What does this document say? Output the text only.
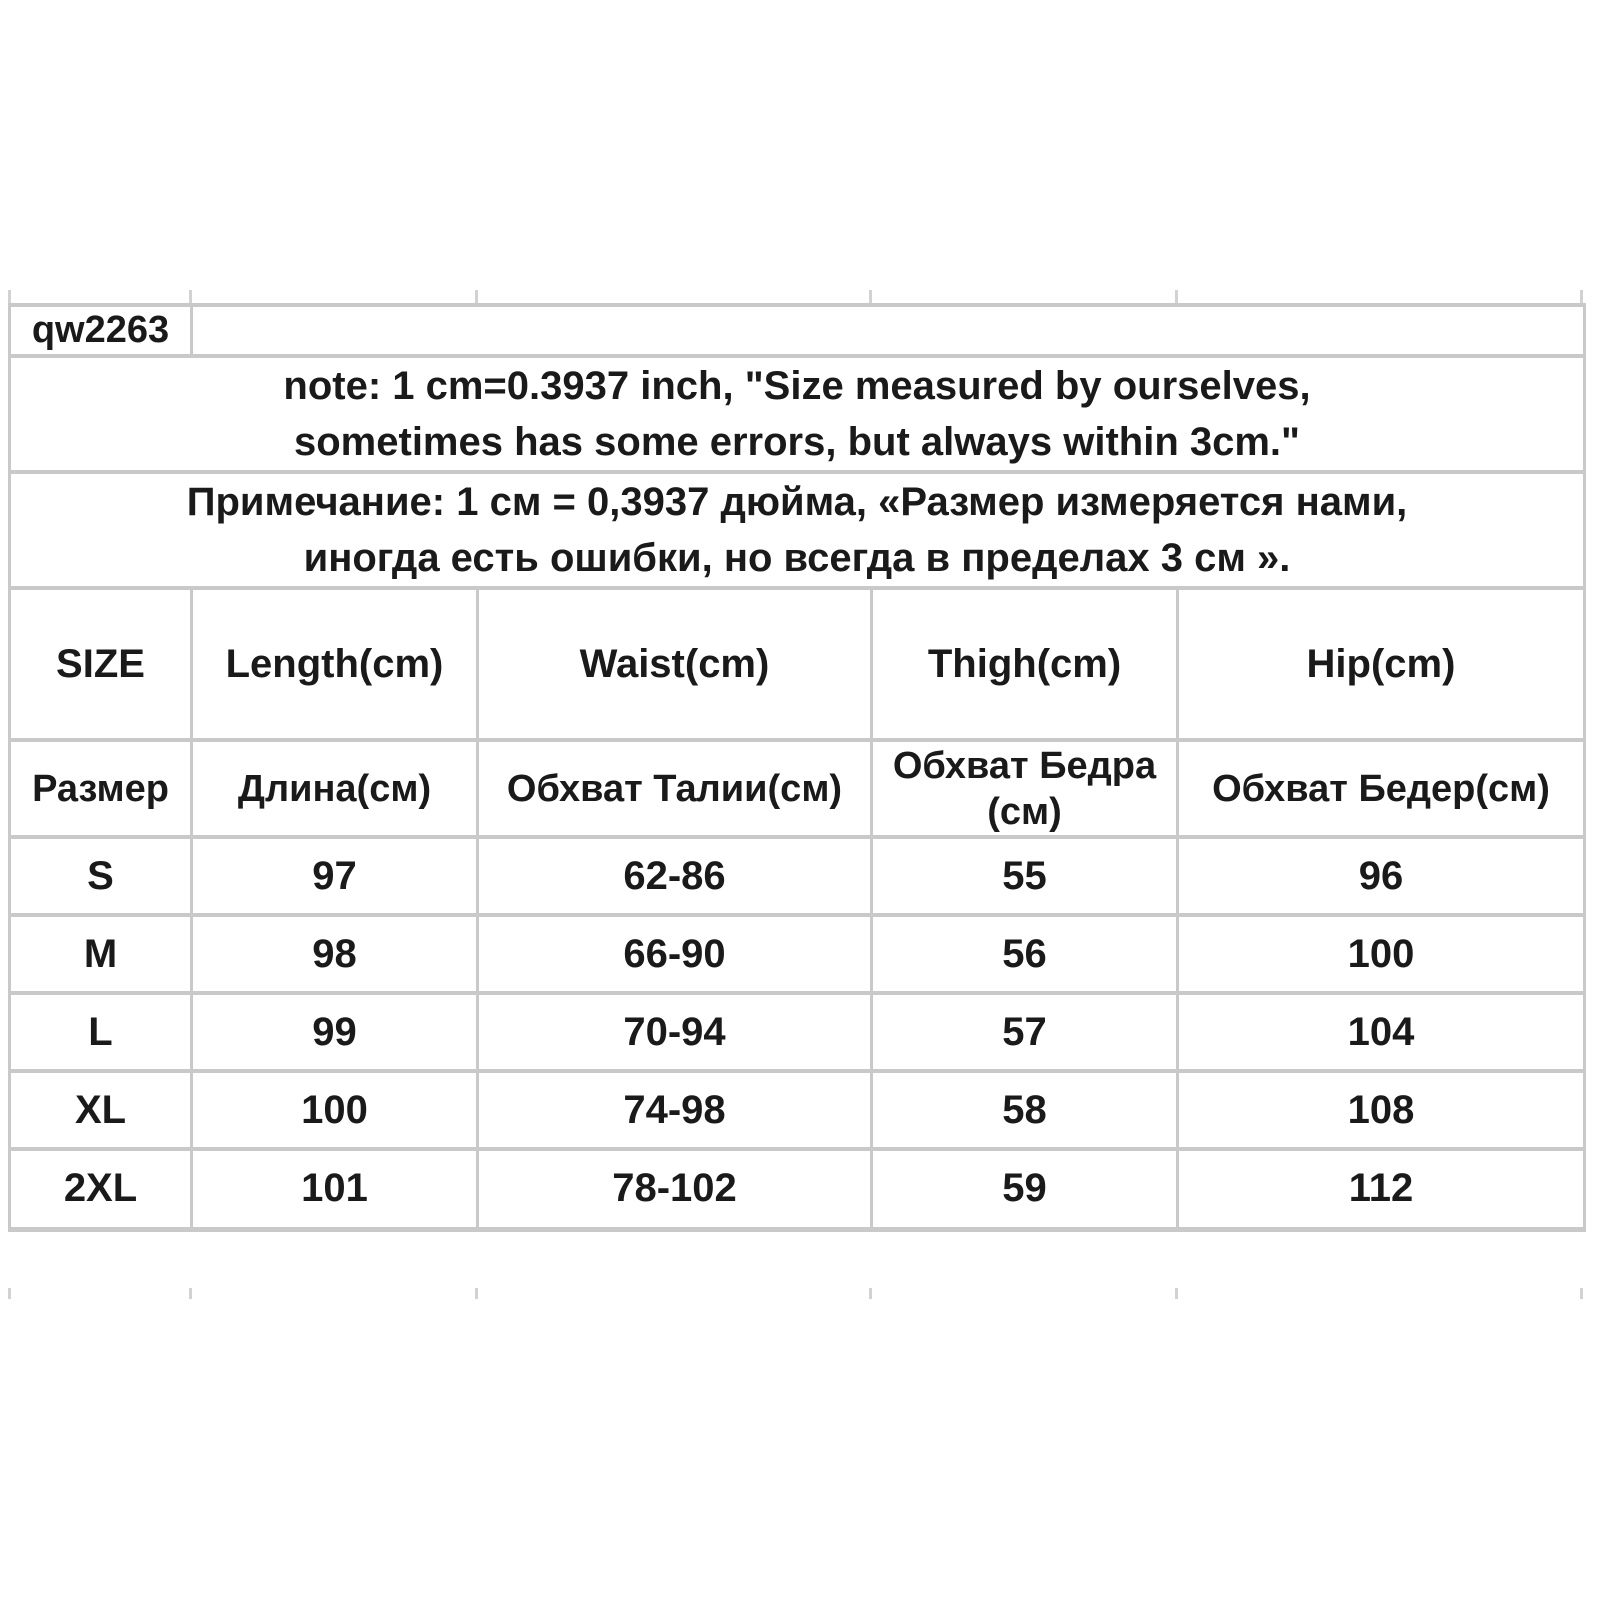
qw2263				

note: 1 cm=0.3937 inch, "Size measured by ourselves,
sometimes has some errors, but always within 3cm."				

Примечание: 1 см = 0,3937 дюйма, «Размер измеряется нами,
иногда есть ошибки, но всегда в пределах 3 см ».				

SIZE	Length(cm)	Waist(cm)	Thigh(cm)	Hip(cm)
Размер	Длина(см)	Обхват Талии(см)	Обхват Бедра (см)	Обхват Бедер(см)
S	97	62-86	55	96
M	98	66-90	56	100
L	99	70-94	57	104
XL	100	74-98	58	108
2XL	101	78-102	59	112
